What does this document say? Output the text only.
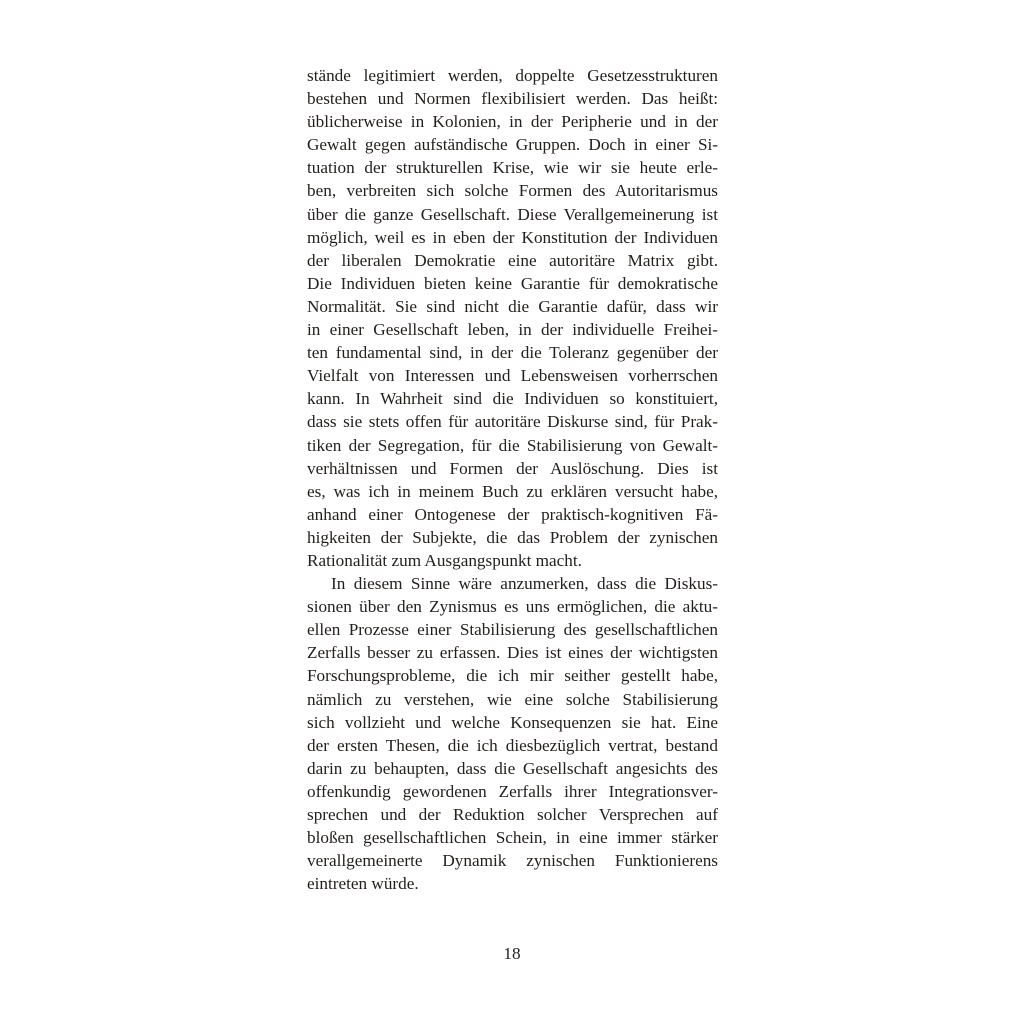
stände legitimiert werden, doppelte Gesetzesstrukturen
bestehen und Normen flexibilisiert werden. Das heißt:
üblicherweise in Kolonien, in der Peripherie und in der
Gewalt gegen aufständische Gruppen. Doch in einer Si-
tuation der strukturellen Krise, wie wir sie heute erle-
ben, verbreiten sich solche Formen des Autoritarismus
über die ganze Gesellschaft. Diese Verallgemeinerung ist
möglich, weil es in eben der Konstitution der Individuen
der liberalen Demokratie eine autoritäre Matrix gibt.
Die Individuen bieten keine Garantie für demokratische
Normalität. Sie sind nicht die Garantie dafür, dass wir
in einer Gesellschaft leben, in der individuelle Freihei-
ten fundamental sind, in der die Toleranz gegenüber der
Vielfalt von Interessen und Lebensweisen vorherrschen
kann. In Wahrheit sind die Individuen so konstituiert,
dass sie stets offen für autoritäre Diskurse sind, für Prak-
tiken der Segregation, für die Stabilisierung von Gewalt-
verhältnissen und Formen der Auslöschung. Dies ist
es, was ich in meinem Buch zu erklären versucht habe,
anhand einer Ontogenese der praktisch-kognitiven Fä-
higkeiten der Subjekte, die das Problem der zynischen
Rationalität zum Ausgangspunkt macht.
In diesem Sinne wäre anzumerken, dass die Diskus-
sionen über den Zynismus es uns ermöglichen, die aktu-
ellen Prozesse einer Stabilisierung des gesellschaftlichen
Zerfalls besser zu erfassen. Dies ist eines der wichtigsten
Forschungsprobleme, die ich mir seither gestellt habe,
nämlich zu verstehen, wie eine solche Stabilisierung
sich vollzieht und welche Konsequenzen sie hat. Eine
der ersten Thesen, die ich diesbezüglich vertrat, bestand
darin zu behaupten, dass die Gesellschaft angesichts des
offenkundig gewordenen Zerfalls ihrer Integrationsver-
sprechen und der Reduktion solcher Versprechen auf
bloßen gesellschaftlichen Schein, in eine immer stärker
verallgemeinerte Dynamik zynischen Funktionierens
eintreten würde.
18
